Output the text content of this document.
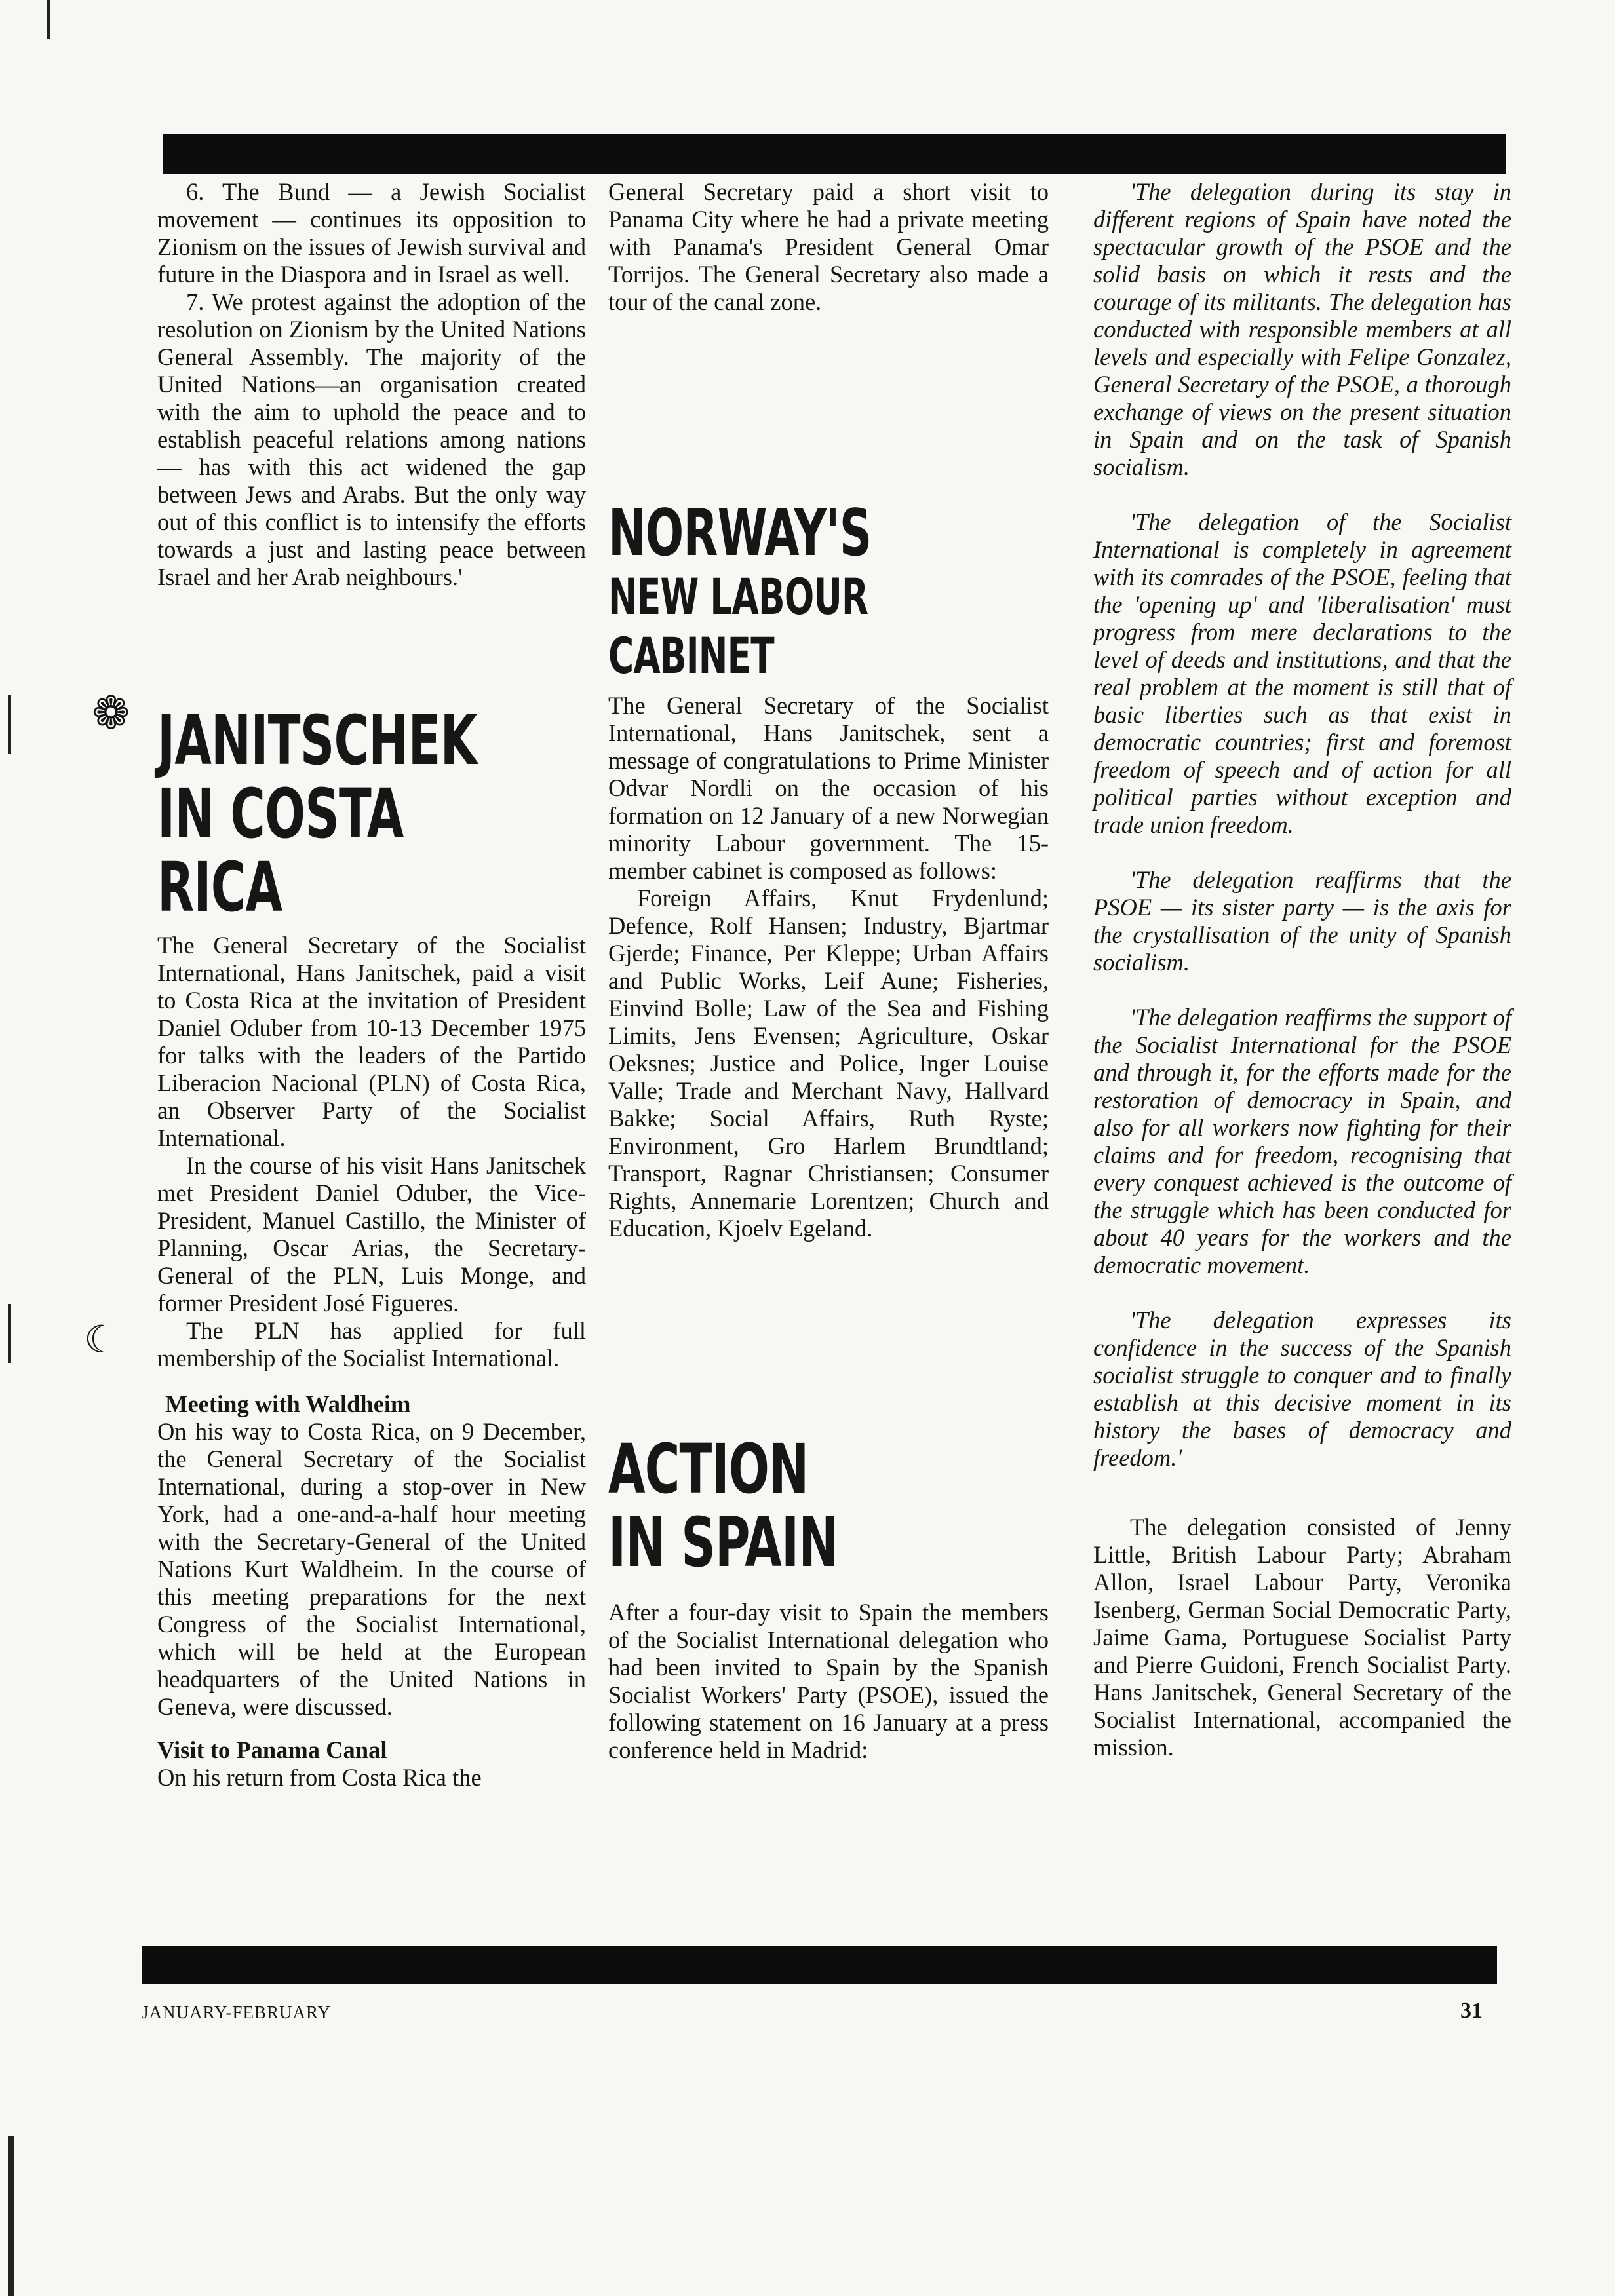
❁
☾

6. The Bund — a Jewish Socialist movement — continues its opposition to Zionism on the issues of Jewish survival and future in the Diaspora and in Israel as well.

7. We protest against the adoption of the resolution on Zionism by the United Nations General Assembly. The majority of the United Nations—an organisation created with the aim to uphold the peace and to establish peaceful relations among nations — has with this act widened the gap between Jews and Arabs. But the only way out of this conflict is to intensify the efforts towards a just and lasting peace between Israel and her Arab neighbours.'

JANITSCHEK
IN COSTA RICA

The General Secretary of the Socialist International, Hans Janitschek, paid a visit to Costa Rica at the invitation of President Daniel Oduber from 10-13 December 1975 for talks with the leaders of the Partido Liberacion Nacional (PLN) of Costa Rica, an Observer Party of the Socialist International.

In the course of his visit Hans Janitschek met President Daniel Oduber, the Vice-President, Manuel Castillo, the Minister of Planning, Oscar Arias, the Secretary-General of the PLN, Luis Monge, and former President José Figueres.

The PLN has applied for full membership of the Socialist International.

Meeting with Waldheim

On his way to Costa Rica, on 9 December, the General Secretary of the Socialist International, during a stop-over in New York, had a one-and-a-half hour meeting with the Secretary-General of the United Nations Kurt Waldheim. In the course of this meeting preparations for the next Congress of the Socialist International, which will be held at the European headquarters of the United Nations in Geneva, were discussed.

Visit to Panama Canal

On his return from Costa Rica the

General Secretary paid a short visit to Panama City where he had a private meeting with Panama's President General Omar Torrijos. The General Secretary also made a tour of the canal zone.

NORWAY'S
NEW LABOUR
CABINET

The General Secretary of the Socialist International, Hans Janitschek, sent a message of congratulations to Prime Minister Odvar Nordli on the occasion of his formation on 12 January of a new Norwegian minority Labour government. The 15-member cabinet is composed as follows:

Foreign Affairs, Knut Frydenlund; Defence, Rolf Hansen; Industry, Bjartmar Gjerde; Finance, Per Kleppe; Urban Affairs and Public Works, Leif Aune; Fisheries, Einvind Bolle; Law of the Sea and Fishing Limits, Jens Evensen; Agriculture, Oskar Oeksnes; Justice and Police, Inger Louise Valle; Trade and Merchant Navy, Hallvard Bakke; Social Affairs, Ruth Ryste; Environment, Gro Harlem Brundtland; Transport, Ragnar Christiansen; Consumer Rights, Annemarie Lorentzen; Church and Education, Kjoelv Egeland.

ACTION
IN SPAIN

After a four-day visit to Spain the members of the Socialist International delegation who had been invited to Spain by the Spanish Socialist Workers' Party (PSOE), issued the following statement on 16 January at a press conference held in Madrid:

'The delegation during its stay in different regions of Spain have noted the spectacular growth of the PSOE and the solid basis on which it rests and the courage of its militants. The delegation has conducted with responsible members at all levels and especially with Felipe Gonzalez, General Secretary of the PSOE, a thorough exchange of views on the present situation in Spain and on the task of Spanish socialism.

'The delegation of the Socialist International is completely in agreement with its comrades of the PSOE, feeling that the 'opening up' and 'liberalisation' must progress from mere declarations to the level of deeds and institutions, and that the real problem at the moment is still that of basic liberties such as that exist in democratic countries; first and foremost freedom of speech and of action for all political parties without exception and trade union freedom.

'The delegation reaffirms that the PSOE — its sister party — is the axis for the crystallisation of the unity of Spanish socialism.

'The delegation reaffirms the support of the Socialist International for the PSOE and through it, for the efforts made for the restoration of democracy in Spain, and also for all workers now fighting for their claims and for freedom, recognising that every conquest achieved is the outcome of the struggle which has been conducted for about 40 years for the workers and the democratic movement.

'The delegation expresses its confidence in the success of the Spanish socialist struggle to conquer and to finally establish at this decisive moment in its history the bases of democracy and freedom.'

The delegation consisted of Jenny Little, British Labour Party; Abraham Allon, Israel Labour Party, Veronika Isenberg, German Social Democratic Party, Jaime Gama, Portuguese Socialist Party and Pierre Guidoni, French Socialist Party. Hans Janitschek, General Secretary of the Socialist International, accompanied the mission.

JANUARY-FEBRUARY	31
